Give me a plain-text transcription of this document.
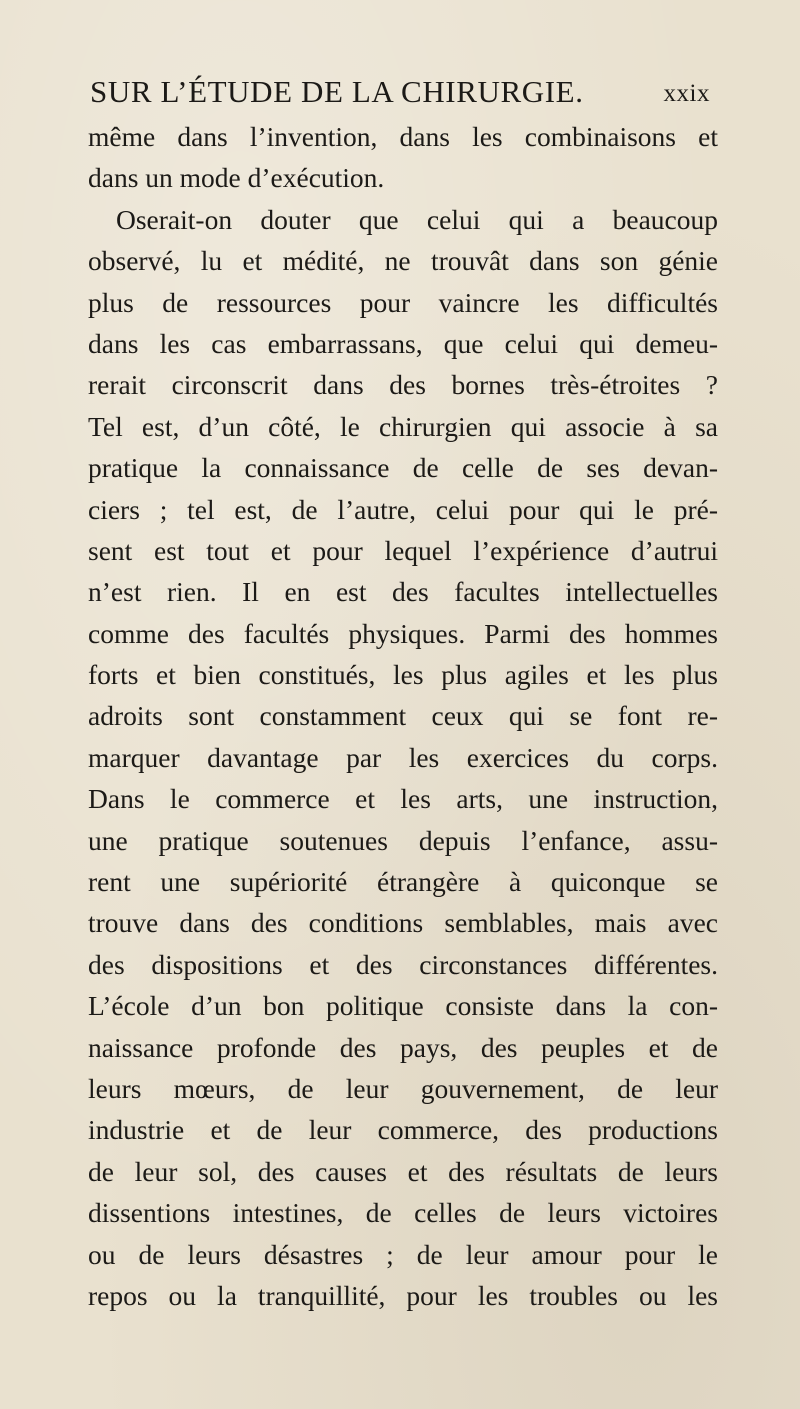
SUR L’ÉTUDE DE LA CHIRURGIE.	xxix
même dans l’invention, dans les combinaisons et
dans un mode d’exécution.
Oserait-on douter que celui qui a beaucoup
observé, lu et médité, ne trouvât dans son génie
plus de ressources pour vaincre les difficultés
dans les cas embarrassans, que celui qui demeu-
rerait circonscrit dans des bornes très-étroites ?
Tel est, d’un côté, le chirurgien qui associe à sa
pratique la connaissance de celle de ses devan-
ciers ; tel est, de l’autre, celui pour qui le pré-
sent est tout et pour lequel l’expérience d’autrui
n’est rien. Il en est des facultes intellectuelles
comme des facultés physiques. Parmi des hommes
forts et bien constitués, les plus agiles et les plus
adroits sont constamment ceux qui se font re-
marquer davantage par les exercices du corps.
Dans le commerce et les arts, une instruction,
une pratique soutenues depuis l’enfance, assu-
rent une supériorité étrangère à quiconque se
trouve dans des conditions semblables, mais avec
des dispositions et des circonstances différentes.
L’école d’un bon politique consiste dans la con-
naissance profonde des pays, des peuples et de
leurs mœurs, de leur gouvernement, de leur
industrie et de leur commerce, des productions
de leur sol, des causes et des résultats de leurs
dissentions intestines, de celles de leurs victoires
ou de leurs désastres ; de leur amour pour le
repos ou la tranquillité, pour les troubles ou les
